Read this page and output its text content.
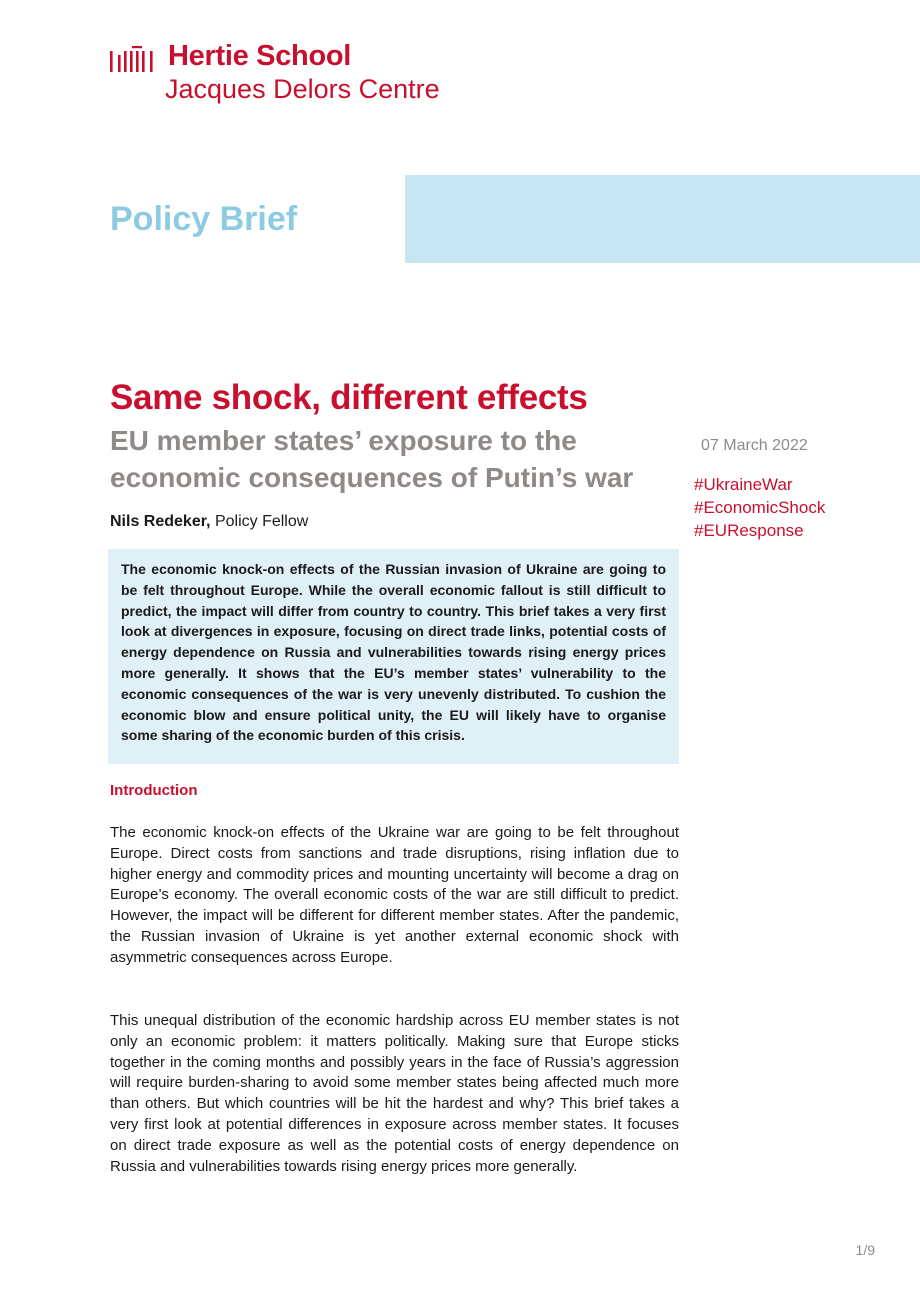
Hertie School
Jacques Delors Centre
Policy Brief
Same shock, different effects
EU member states’ exposure to the
economic consequences of Putin’s war
Nils Redeker, Policy Fellow
07 March 2022
#UkraineWar
#EconomicShock
#EUResponse
The economic knock-on effects of the Russian invasion of Ukraine are going to be felt throughout Europe. While the overall economic fallout is still difficult to predict, the impact will differ from country to country. This brief takes a very first look at divergences in exposure, focusing on direct trade links, potential costs of energy dependence on Russia and vulnerabilities towards rising energy prices more generally. It shows that the EU’s member states’ vulnerability to the economic consequences of the war is very unevenly distributed. To cushion the economic blow and ensure political unity, the EU will likely have to organise some sharing of the economic burden of this crisis.
Introduction

The economic knock-on effects of the Ukraine war are going to be felt throughout Europe. Direct costs from sanctions and trade disruptions, rising inflation due to higher energy and commodity prices and mounting uncertainty will become a drag on Europe’s economy. The overall economic costs of the war are still difficult to predict. However, the impact will be different for different member states. After the pandemic, the Russian invasion of Ukraine is yet another external economic shock with asymmetric consequences across Europe.

This unequal distribution of the economic hardship across EU member states is not only an economic problem: it matters politically. Making sure that Europe sticks together in the coming months and possibly years in the face of Russia’s aggression will require burden-sharing to avoid some member states being affected much more than others. But which countries will be hit the hardest and why? This brief takes a very first look at potential differences in exposure across member states. It focuses on direct trade exposure as well as the potential costs of energy dependence on Russia and vulnerabilities towards rising energy prices more generally.

1/9
